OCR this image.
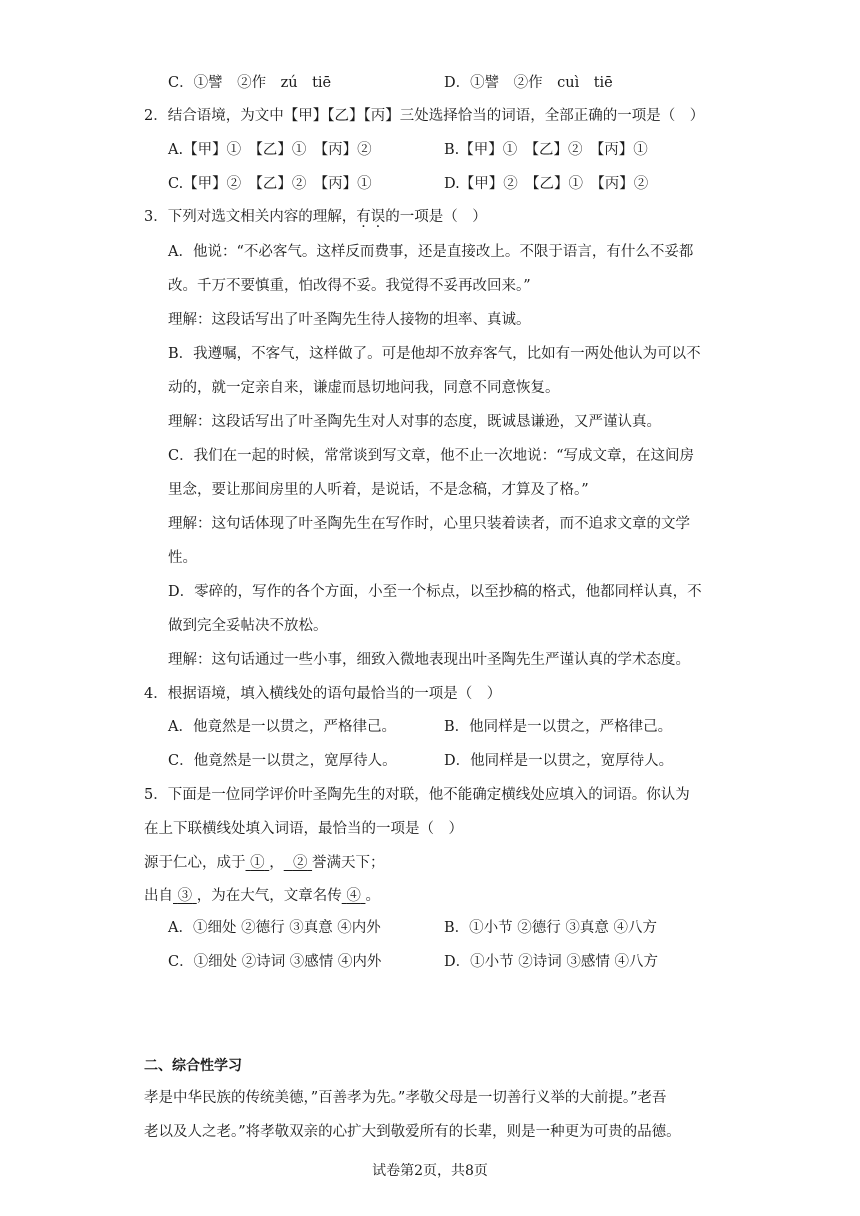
C．①譬　②作　zú　tiē	D．①譬　②作　cuì　tiē
2．结合语境，为文中【甲】【乙】【丙】三处选择恰当的词语，全部正确的一项是（　）
A.【甲】①　【乙】①　【丙】②	B.【甲】①　【乙】②　【丙】①
C.【甲】②　【乙】②　【丙】①	D.【甲】②　【乙】①　【丙】②
3．下列对选文相关内容的理解，有误的一项是（　）
A．他说：“不必客气。这样反而费事，还是直接改上。不限于语言，有什么不妥都
改。千万不要慎重，怕改得不妥。我觉得不妥再改回来。”
理解：这段话写出了叶圣陶先生待人接物的坦率、真诚。
B．我遵嘱，不客气，这样做了。可是他却不放弃客气，比如有一两处他认为可以不
动的，就一定亲自来，谦虚而恳切地问我，同意不同意恢复。
理解：这段话写出了叶圣陶先生对人对事的态度，既诚恳谦逊，又严谨认真。
C．我们在一起的时候，常常谈到写文章，他不止一次地说：“写成文章，在这间房
里念，要让那间房里的人听着，是说话，不是念稿，才算及了格。”
理解：这句话体现了叶圣陶先生在写作时，心里只装着读者，而不追求文章的文学
性。
D．零碎的，写作的各个方面，小至一个标点，以至抄稿的格式，他都同样认真，不
做到完全妥帖决不放松。
理解：这句话通过一些小事，细致入微地表现出叶圣陶先生严谨认真的学术态度。
4．根据语境，填入横线处的语句最恰当的一项是（　）
A．他竟然是一以贯之，严格律己。	B．他同样是一以贯之，严格律己。
C．他竟然是一以贯之，宽厚待人。	D．他同样是一以贯之，宽厚待人。
5．下面是一位同学评价叶圣陶先生的对联，他不能确定横线处应填入的词语。你认为
在上下联横线处填入词语，最恰当的一项是（　）
源于仁心，成于 ① ， ② 誉满天下；
出自 ③ ，为在大气，文章名传 ④ 。
A．①细处 ②德行 ③真意 ④内外	B．①小节 ②德行 ③真意 ④八方
C．①细处 ②诗词 ③感情 ④内外	D．①小节 ②诗词 ③感情 ④八方
二、综合性学习
孝是中华民族的传统美德，”百善孝为先。”孝敬父母是一切善行义举的大前提。”老吾
老以及人之老。”将孝敬双亲的心扩大到敬爱所有的长辈，则是一种更为可贵的品德。
试卷第2页，共8页
